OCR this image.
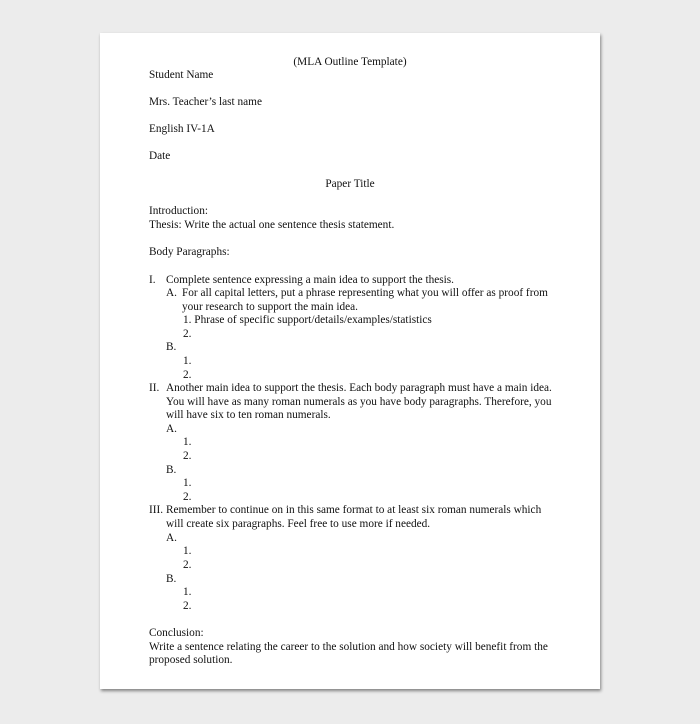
(MLA Outline Template)
Student Name
Mrs. Teacher’s last name
English IV-1A
Date
Paper Title
Introduction:
Thesis: Write the actual one sentence thesis statement.
Body Paragraphs:
I. Complete sentence expressing a main idea to support the thesis.
A. For all capital letters, put a phrase representing what you will offer as proof from
your research to support the main idea.
1. Phrase of specific support/details/examples/statistics
2.
B.
1.
2.
II. Another main idea to support the thesis. Each body paragraph must have a main idea.
You will have as many roman numerals as you have body paragraphs. Therefore, you
will have six to ten roman numerals.
A.
1.
2.
B.
1.
2.
III. Remember to continue on in this same format to at least six roman numerals which
will create six paragraphs. Feel free to use more if needed.
A.
1.
2.
B.
1.
2.
Conclusion:
Write a sentence relating the career to the solution and how society will benefit from the
proposed solution.
